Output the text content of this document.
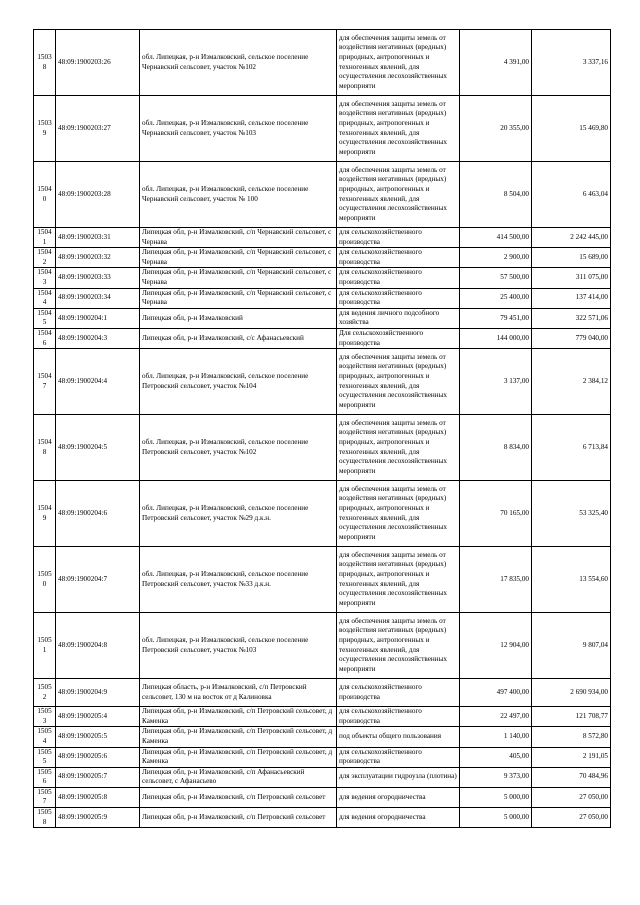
15038	48:09:1900203:26	обл. Липецкая, р-н Измалковский, сельское поселение Чернавский сельсовет, участок №102	для обеспечения защиты земель от воздействия негативных (вредных) природных, антропогенных и техногенных явлений, для осуществления лесохозяйственных мероприяти	4 391,00	3 337,16
15039	48:09:1900203:27	обл. Липецкая, р-н Измалковский, сельское поселение Чернавский сельсовет, участок №103	для обеспечения защиты земель от воздействия негативных (вредных) природных, антропогенных и техногенных явлений, для осуществления лесохозяйственных мероприяти	20 355,00	15 469,80
15040	48:09:1900203:28	обл. Липецкая, р-н Измалковский, сельское поселение Чернавский сельсовет, участок № 100	для обеспечения защиты земель от воздействия негативных (вредных) природных, антропогенных и техногенных явлений, для осуществления лесохозяйственных мероприяти	8 504,00	6 463,04
15041	48:09:1900203:31	Липецкая обл, р-н Измалковский, с/п Чернавский сельсовет, с Чернава	для сельскохозяйственного производства	414 500,00	2 242 445,00
15042	48:09:1900203:32	Липецкая обл, р-н Измалковский, с/п Чернавский сельсовет, с Чернава	для сельскохозяйственного производства	2 900,00	15 689,00
15043	48:09:1900203:33	Липецкая обл, р-н Измалковский, с/п Чернавский сельсовет, с Чернава	для сельскохозяйственного производства	57 500,00	311 075,00
15044	48:09:1900203:34	Липецкая обл, р-н Измалковский, с/п Чернавский сельсовет, с Чернава	для сельскохозяйственного производства	25 400,00	137 414,00
15045	48:09:1900204:1	Липецкая обл, р-н Измалковский	для ведения личного подсобного хозяйства	79 451,00	322 571,06
15046	48:09:1900204:3	Липецкая обл, р-н Измалковский, с/с Афанасьевский	Для сельскохозяйственного производства	144 000,00	779 040,00
15047	48:09:1900204:4	обл. Липецкая, р-н Измалковский, сельское поселение Петровский сельсовет, участок №104	для обеспечения защиты земель от воздействия негативных (вредных) природных, антропогенных и техногенных явлений, для осуществления лесохозяйственных мероприяти	3 137,00	2 384,12
15048	48:09:1900204:5	обл. Липецкая, р-н Измалковский, сельское поселение Петровский сельсовет, участок №102	для обеспечения защиты земель от воздействия негативных (вредных) природных, антропогенных и техногенных явлений, для осуществления лесохозяйственных мероприяти	8 834,00	6 713,84
15049	48:09:1900204:6	обл. Липецкая, р-н Измалковский, сельское поселение Петровский сельсовет, участок №29 д.к.н.	для обеспечения защиты земель от воздействия негативных (вредных) природных, антропогенных и техногенных явлений, для осуществления лесохозяйственных мероприяти	70 165,00	53 325,40
15050	48:09:1900204:7	обл. Липецкая, р-н Измалковский, сельское поселение Петровский сельсовет, участок №33 д.к.н.	для обеспечения защиты земель от воздействия негативных (вредных) природных, антропогенных и техногенных явлений, для осуществления лесохозяйственных мероприяти	17 835,00	13 554,60
15051	48:09:1900204:8	обл. Липецкая, р-н Измалковский, сельское поселение Петровский сельсовет, участок №103	для обеспечения защиты земель от воздействия негативных (вредных) природных, антропогенных и техногенных явлений, для осуществления лесохозяйственных мероприяти	12 904,00	9 807,04
15052	48:09:1900204:9	Липецкая область, р-н Измалковский, с/п Петровский сельсовет, 130 м на восток от д Калиновка	для сельскохозяйственного производства	497 400,00	2 690 934,00
15053	48:09:1900205:4	Липецкая обл, р-н Измалковский, с/п Петровский сельсовет, д Каменка	для сельскохозяйственного производства	22 497,00	121 708,77
15054	48:09:1900205:5	Липецкая обл, р-н Измалковский, с/п Петровский сельсовет, д Каменка	под объекты общего пользования	1 140,00	8 572,80
15055	48:09:1900205:6	Липецкая обл, р-н Измалковский, с/п Петровский сельсовет, д Каменка	для сельскохозяйственного производства	405,00	2 191,05
15056	48:09:1900205:7	Липецкая обл, р-н Измалковский, с/п Афанасьевский сельсовет, с Афанасьево	для эксплуатации гидроузла (плотина)	9 373,00	70 484,96
15057	48:09:1900205:8	Липецкая обл, р-н Измалковский, с/п Петровский сельсовет	для ведения огородничества	5 000,00	27 050,00
15058	48:09:1900205:9	Липецкая обл, р-н Измалковский, с/п Петровский сельсовет	для ведения огородничества	5 000,00	27 050,00
